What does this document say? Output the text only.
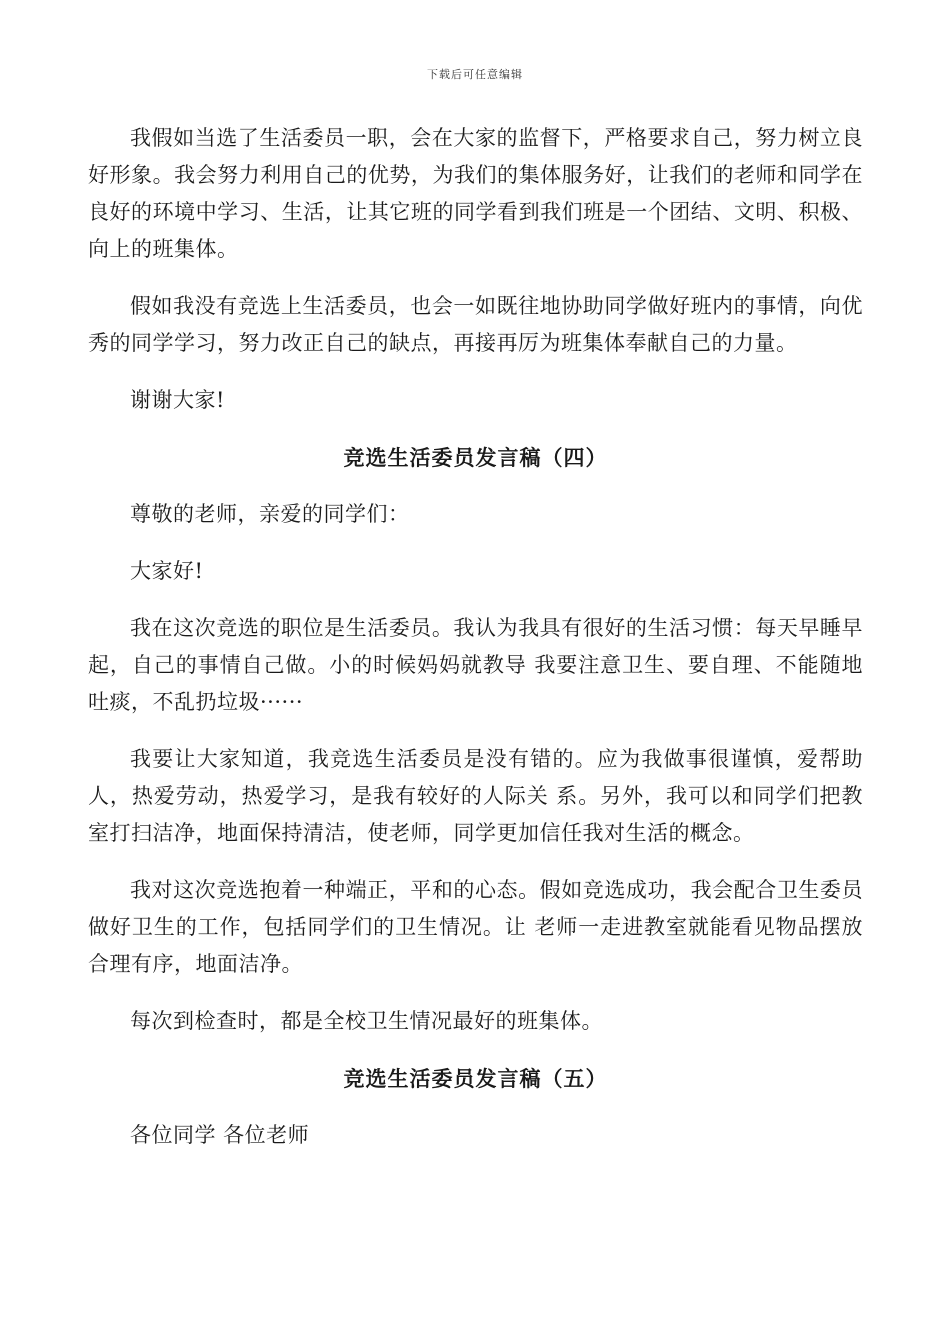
下载后可任意编辑

我假如当选了生活委员一职，会在大家的监督下，严格要求自己，努力树立良好形象。我会努力利用自己的优势，为我们的集体服务好，让我们的老师和同学在良好的环境中学习、生活，让其它班的同学看到我们班是一个团结、文明、积极、向上的班集体。

假如我没有竞选上生活委员，也会一如既往地协助同学做好班内的事情，向优秀的同学学习，努力改正自己的缺点，再接再厉为班集体奉献自己的力量。

谢谢大家!

竞选生活委员发言稿（四）

尊敬的老师，亲爱的同学们：

大家好!

我在这次竞选的职位是生活委员。我认为我具有很好的生活习惯：每天早睡早起，自己的事情自己做。小的时候妈妈就教导 我要注意卫生、要自理、不能随地吐痰，不乱扔垃圾······

我要让大家知道，我竞选生活委员是没有错的。应为我做事很谨慎，爱帮助人，热爱劳动，热爱学习，是我有较好的人际关 系。另外，我可以和同学们把教室打扫洁净，地面保持清洁，使老师，同学更加信任我对生活的概念。

我对这次竞选抱着一种端正，平和的心态。假如竞选成功，我会配合卫生委员做好卫生的工作，包括同学们的卫生情况。让 老师一走进教室就能看见物品摆放合理有序，地面洁净。

每次到检查时，都是全校卫生情况最好的班集体。

竞选生活委员发言稿（五）

各位同学 各位老师
